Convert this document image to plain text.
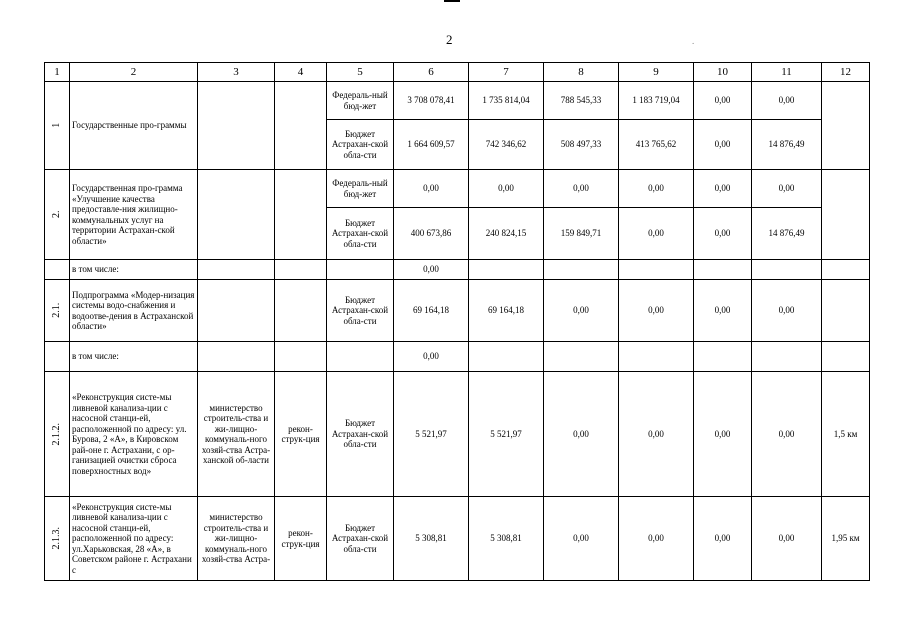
2	.
1	2	3	4	5	6	7	8	9	10	11	12

1	Государственные про-граммы			Федераль-ный бюд-жет	3 708 078,41	1 735 814,04	788 545,33	1 183 719,04	0,00	0,00	
				Бюджет Астрахан-ской обла-сти	1 664 609,57	742 346,62	508 497,33	413 765,62	0,00	14 876,49	

2.	Государственная про-грамма «Улучшение качества предоставле-ния жилищно-коммунальных услуг на территории Астрахан-ской области»			Федераль-ный бюд-жет	0,00	0,00	0,00	0,00	0,00	0,00	
				Бюджет Астрахан-ской обла-сти	400 673,86	240 824,15	159 849,71	0,00	0,00	14 876,49	
	в том числе:				0,00						

2.1.	Подпрограмма «Модер-низация системы водо-снабжения и водоотве-дения в Астраханской области»			Бюджет Астрахан-ской обла-сти	69 164,18	69 164,18	0,00	0,00	0,00	0,00	
	в том числе:				0,00						

2.1.2.	«Реконструкция систе-мы ливневой канализа-ции с насосной станци-ей, расположенной по адресу: ул. Бурова, 2 «А», в Кировском рай-оне г. Астрахани, с ор-ганизацией очистки сброса поверхностных вод»	министерство строитель-ства и жи-лищно-коммуналь-ного хозяй-ства Астра-ханской об-ласти	рекон-струк-ция	Бюджет Астрахан-ской обла-сти	5 521,97	5 521,97	0,00	0,00	0,00	0,00	1,5 км

2.1.3.	«Реконструкция систе-мы ливневой канализа-ции с насосной станци-ей, расположенной по адресу: ул.Харьковская, 28 «А», в Советском районе г. Астрахани с	министерство строитель-ства и жи-лищно-коммуналь-ного хозяй-ства Астра-	рекон-струк-ция	Бюджет Астрахан-ской обла-сти	5 308,81	5 308,81	0,00	0,00	0,00	0,00	1,95 км
